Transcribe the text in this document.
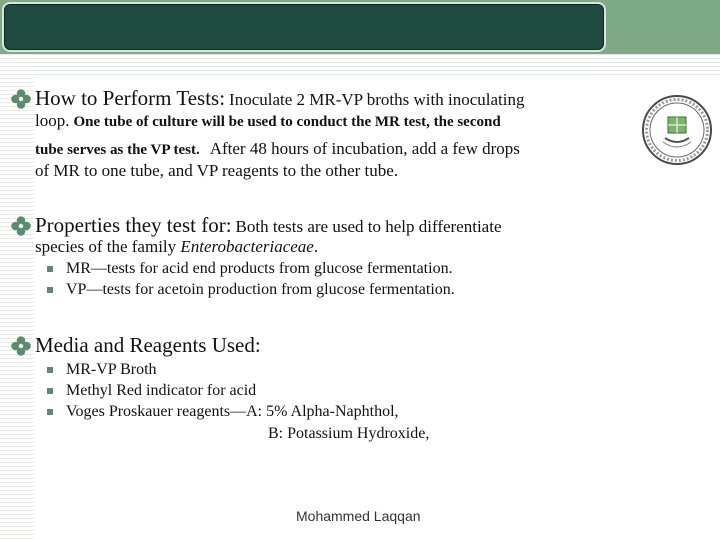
How to Perform Tests: Inoculate 2 MR-VP broths with inoculating
loop. One tube of culture will be used to conduct the MR test, the second
tube serves as the VP test. After 48 hours of incubation, add a few drops
of MR to one tube, and VP reagents to the other tube.
Properties they test for: Both tests are used to help differentiate
species of the family Enterobacteriaceae.
MR—tests for acid end products from glucose fermentation.
VP—tests for acetoin production from glucose fermentation.
Media and Reagents Used:
MR-VP Broth
Methyl Red indicator for acid
Voges Proskauer reagents—A: 5% Alpha-Naphthol,
B: Potassium Hydroxide,
Mohammed Laqqan
